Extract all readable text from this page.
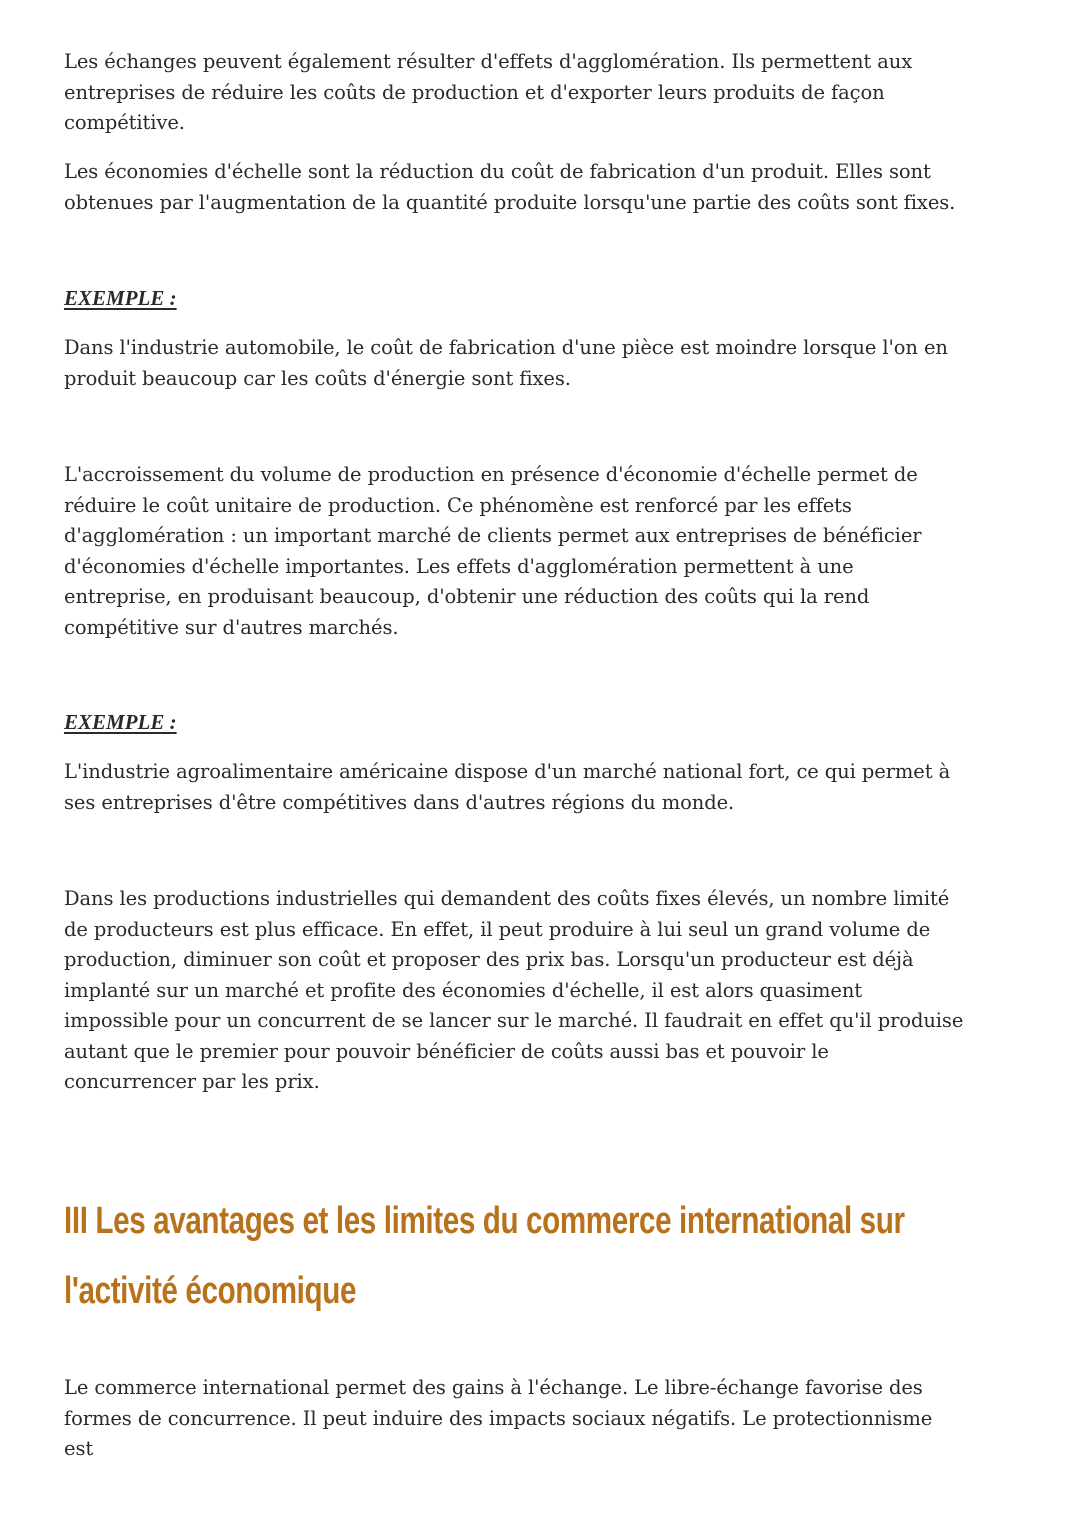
Les échanges peuvent également résulter d'effets d'agglomération. Ils permettent aux entreprises de réduire les coûts de production et d'exporter leurs produits de façon compétitive.

Les économies d'échelle sont la réduction du coût de fabrication d'un produit. Elles sont obtenues par l'augmentation de la quantité produite lorsqu'une partie des coûts sont fixes.

EXEMPLE :

Dans l'industrie automobile, le coût de fabrication d'une pièce est moindre lorsque l'on en produit beaucoup car les coûts d'énergie sont fixes.

L'accroissement du volume de production en présence d'économie d'échelle permet de réduire le coût unitaire de production. Ce phénomène est renforcé par les effets d'agglomération : un important marché de clients permet aux entreprises de bénéficier d'économies d'échelle importantes. Les effets d'agglomération permettent à une entreprise, en produisant beaucoup, d'obtenir une réduction des coûts qui la rend compétitive sur d'autres marchés.

EXEMPLE :

L'industrie agroalimentaire américaine dispose d'un marché national fort, ce qui permet à ses entreprises d'être compétitives dans d'autres régions du monde.

Dans les productions industrielles qui demandent des coûts fixes élevés, un nombre limité de producteurs est plus efficace. En effet, il peut produire à lui seul un grand volume de production, diminuer son coût et proposer des prix bas. Lorsqu'un producteur est déjà implanté sur un marché et profite des économies d'échelle, il est alors quasiment impossible pour un concurrent de se lancer sur le marché. Il faudrait en effet qu'il produise autant que le premier pour pouvoir bénéficier de coûts aussi bas et pouvoir le concurrencer par les prix.

III Les avantages et les limites du commerce international sur l'activité économique

Le commerce international permet des gains à l'échange. Le libre-échange favorise des formes de concurrence. Il peut induire des impacts sociaux négatifs. Le protectionnisme est
